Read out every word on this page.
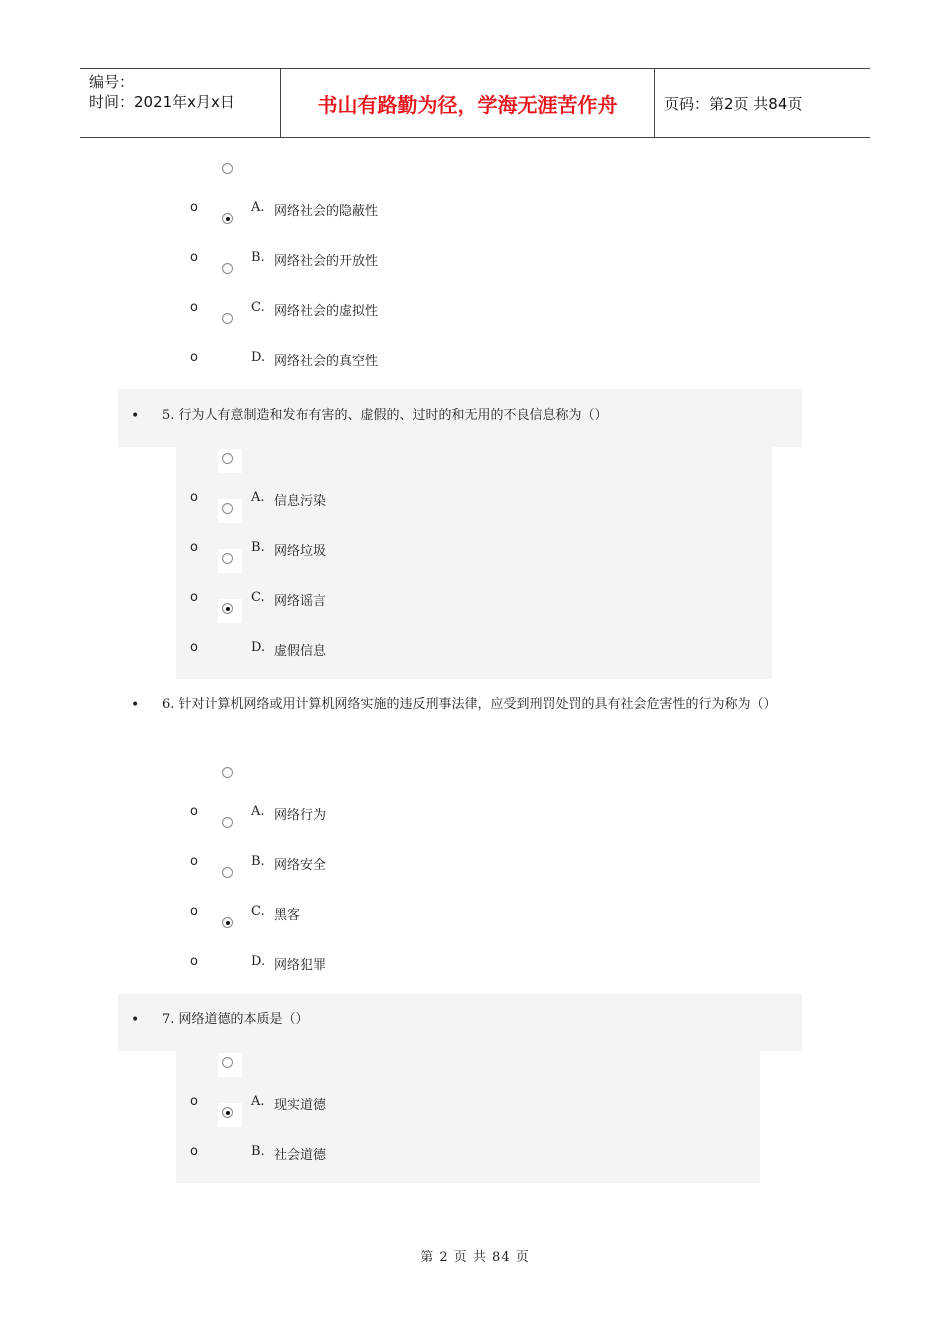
编号：
时间：2021年x月x日	书山有路勤为径，学海无涯苦作舟	页码：第2页 共84页
o	A. 网络社会的隐蔽性
o	B. 网络社会的开放性
o	C. 网络社会的虚拟性
o	D. 网络社会的真空性
• 5. 行为人有意制造和发布有害的、虚假的、过时的和无用的不良信息称为（）
o	A. 信息污染
o	B. 网络垃圾
o	C. 网络谣言
o	D. 虚假信息
• 6. 针对计算机网络或用计算机网络实施的违反刑事法律，应受到刑罚处罚的具有社会危害性的行为称为（）
o	A. 网络行为
o	B. 网络安全
o	C. 黑客
o	D. 网络犯罪
• 7. 网络道德的本质是（）
o	A. 现实道德
o	B. 社会道德
第 2 页 共 84 页
